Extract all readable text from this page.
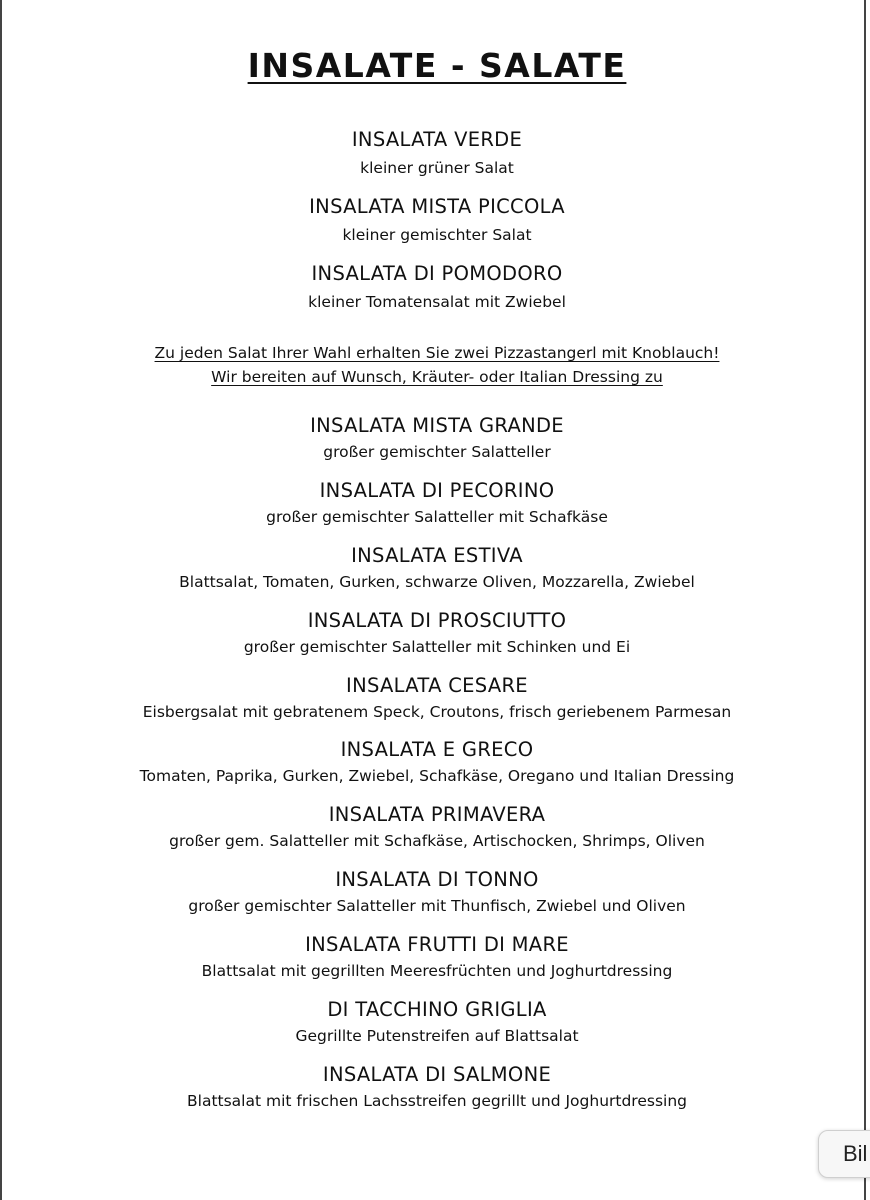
INSALATE - SALATE
INSALATA VERDE
kleiner grüner Salat
INSALATA MISTA PICCOLA
kleiner gemischter Salat
INSALATA DI POMODORO
kleiner Tomatensalat mit Zwiebel
Zu jeden Salat Ihrer Wahl erhalten Sie zwei Pizzastangerl mit Knoblauch!
Wir bereiten auf Wunsch, Kräuter- oder Italian Dressing zu
INSALATA MISTA GRANDE
großer gemischter Salatteller
INSALATA DI PECORINO
großer gemischter Salatteller mit Schafkäse
INSALATA ESTIVA
Blattsalat, Tomaten, Gurken, schwarze Oliven, Mozzarella, Zwiebel
INSALATA DI PROSCIUTTO
großer gemischter Salatteller mit Schinken und Ei
INSALATA CESARE
Eisbergsalat mit gebratenem Speck, Croutons, frisch geriebenem Parmesan
INSALATA E GRECO
Tomaten, Paprika, Gurken, Zwiebel, Schafkäse, Oregano und Italian Dressing
INSALATA PRIMAVERA
großer gem. Salatteller mit Schafkäse, Artischocken, Shrimps, Oliven
INSALATA DI TONNO
großer gemischter Salatteller mit Thunfisch, Zwiebel und Oliven
INSALATA FRUTTI DI MARE
Blattsalat mit gegrillten Meeresfrüchten und Joghurtdressing
DI TACCHINO GRIGLIA
Gegrillte Putenstreifen auf Blattsalat
INSALATA DI SALMONE
Blattsalat mit frischen Lachsstreifen gegrillt und Joghurtdressing
Bil
